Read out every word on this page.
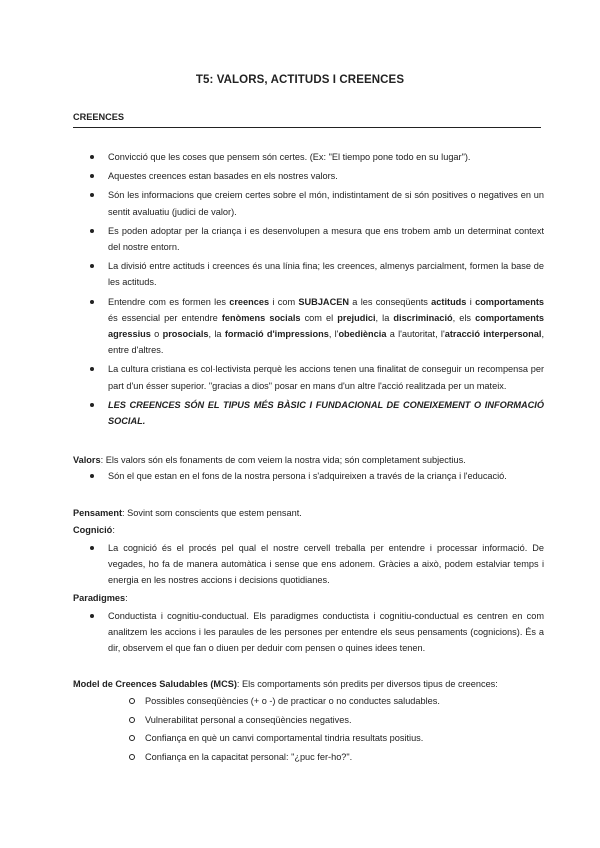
T5: VALORS, ACTITUDS I CREENCES
CREENCES
Convicció que les coses que pensem són certes. (Ex: "El tiempo pone todo en su lugar").
Aquestes creences estan basades en els nostres valors.
Són les informacions que creiem certes sobre el món, indistintament de si són positives o negatives en un sentit avaluatiu (judici de valor).
Es poden adoptar per la criança i es desenvolupen a mesura que ens trobem amb un determinat context del nostre entorn.
La divisió entre actituds i creences és una línia fina; les creences, almenys parcialment, formen la base de les actituds.
Entendre com es formen les creences i com SUBJACEN a les conseqüents actituds i comportaments és essencial per entendre fenòmens socials com el prejudici, la discriminació, els comportaments agressius o prosocials, la formació d'impressions, l'obediència a l'autoritat, l'atracció interpersonal, entre d'altres.
La cultura cristiana es col·lectivista perquè les accions tenen una finalitat de conseguir un recompensa per part d'un ésser superior. "gracias a dios" posar en mans d'un altre l'acció realitzada per un mateix.
LES CREENCES SÓN EL TIPUS MÉS BÀSIC I FUNDACIONAL DE CONEIXEMENT O INFORMACIÓ SOCIAL.
Valors: Els valors són els fonaments de com veiem la nostra vida; són completament subjectius.
Són el que estan en el fons de la nostra persona i s'adquireixen a través de la criança i l'educació.
Pensament: Sovint som conscients que estem pensant.
Cognició:
La cognició és el procés pel qual el nostre cervell treballa per entendre i processar informació. De vegades, ho fa de manera automàtica i sense que ens adonem. Gràcies a això, podem estalviar temps i energia en les nostres accions i decisions quotidianes.
Paradigmes:
Conductista i cognitiu-conductual. Els paradigmes conductista i cognitiu-conductual es centren en com analitzem les accions i les paraules de les persones per entendre els seus pensaments (cognicions). És a dir, observem el que fan o diuen per deduir com pensen o quines idees tenen.
Model de Creences Saludables (MCS): Els comportaments són predits per diversos tipus de creences:
Possibles conseqüències (+ o -) de practicar o no conductes saludables.
Vulnerabilitat personal a conseqüències negatives.
Confiança en què un canvi comportamental tindria resultats positius.
Confiança en la capacitat personal: "¿puc fer-ho?".
